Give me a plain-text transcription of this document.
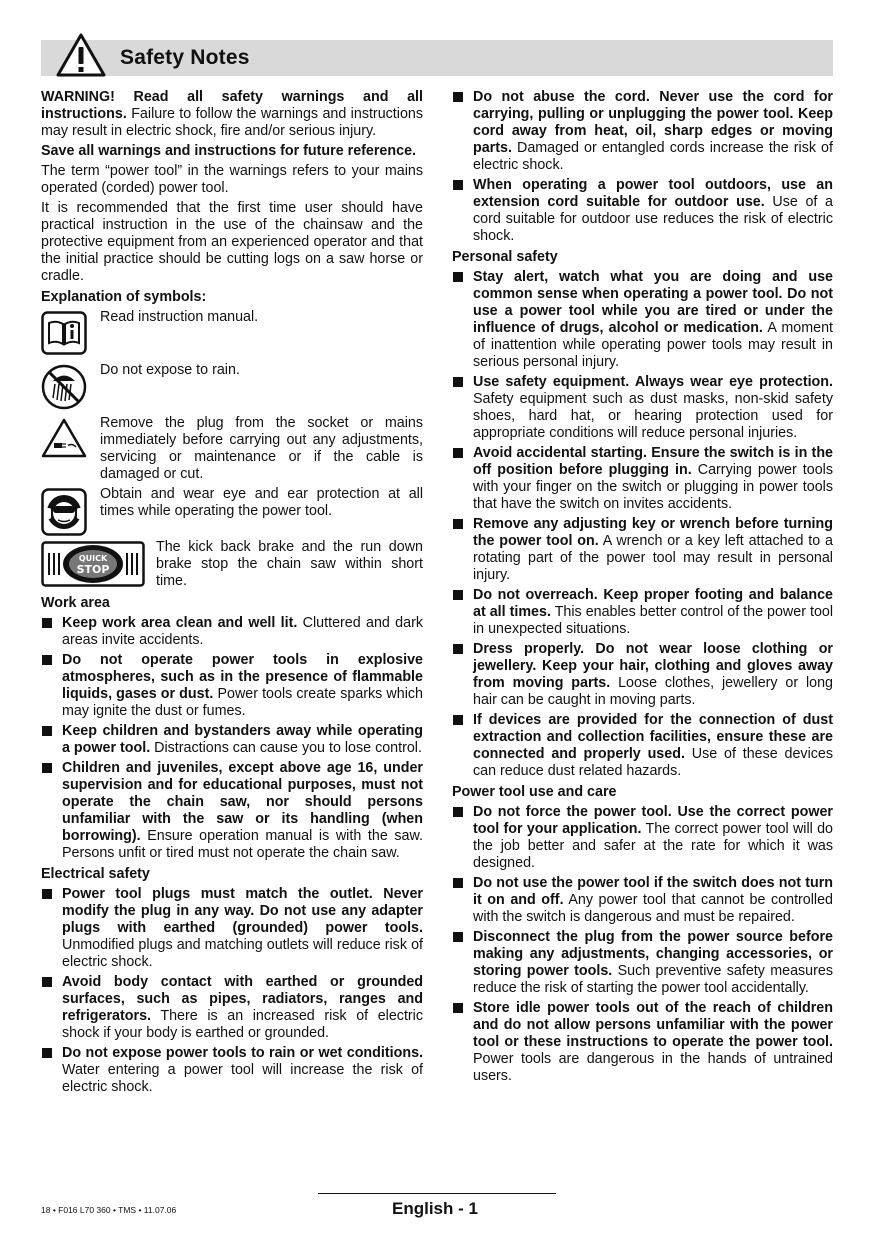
Safety Notes

WARNING! Read all safety warnings and all instructions. Failure to follow the warnings and instructions may result in electric shock, fire and/or serious injury.

Save all warnings and instructions for future reference.

The term “power tool” in the warnings refers to your mains operated (corded) power tool.

It is recommended that the first time user should have practical instruction in the use of the chainsaw and the protective equipment from an experienced operator and that the initial practice should be cutting logs on a saw horse or cradle.

Explanation of symbols:
Read instruction manual.
Do not expose to rain.
Remove the plug from the socket or mains immediately before carrying out any adjustments, servicing or maintenance or if the cable is damaged or cut.
Obtain and wear eye and ear protection at all times while operating the power tool.
QUICK
STOP
The kick back brake and the run down brake stop the chain saw within short time.
Work area
Keep work area clean and well lit. Cluttered and dark areas invite accidents.
Do not operate power tools in explosive atmospheres, such as in the presence of flammable liquids, gases or dust. Power tools create sparks which may ignite the dust or fumes.
Keep children and bystanders away while operating a power tool. Distractions can cause you to lose control.
Children and juveniles, except above age 16, under supervision and for educational purposes, must not operate the chain saw, nor should persons unfamiliar with the saw or its handling (when borrowing). Ensure operation manual is with the saw. Persons unfit or tired must not operate the chain saw.
Electrical safety
Power tool plugs must match the outlet. Never modify the plug in any way. Do not use any adapter plugs with earthed (grounded) power tools. Unmodified plugs and matching outlets will reduce risk of electric shock.
Avoid body contact with earthed or grounded surfaces, such as pipes, radiators, ranges and refrigerators. There is an increased risk of electric shock if your body is earthed or grounded.
Do not expose power tools to rain or wet conditions. Water entering a power tool will increase the risk of electric shock.
Do not abuse the cord. Never use the cord for carrying, pulling or unplugging the power tool. Keep cord away from heat, oil, sharp edges or moving parts. Damaged or entangled cords increase the risk of electric shock.
When operating a power tool outdoors, use an extension cord suitable for outdoor use. Use of a cord suitable for outdoor use reduces the risk of electric shock.
Personal safety
Stay alert, watch what you are doing and use common sense when operating a power tool. Do not use a power tool while you are tired or under the influence of drugs, alcohol or medication. A moment of inattention while operating power tools may result in serious personal injury.
Use safety equipment. Always wear eye protection. Safety equipment such as dust masks, non-skid safety shoes, hard hat, or hearing protection used for appropriate conditions will reduce personal injuries.
Avoid accidental starting. Ensure the switch is in the off position before plugging in. Carrying power tools with your finger on the switch or plugging in power tools that have the switch on invites accidents.
Remove any adjusting key or wrench before turning the power tool on. A wrench or a key left attached to a rotating part of the power tool may result in personal injury.
Do not overreach. Keep proper footing and balance at all times. This enables better control of the power tool in unexpected situations.
Dress properly. Do not wear loose clothing or jewellery. Keep your hair, clothing and gloves away from moving parts. Loose clothes, jewellery or long hair can be caught in moving parts.
If devices are provided for the connection of dust extraction and collection facilities, ensure these are connected and properly used. Use of these devices can reduce dust related hazards.
Power tool use and care
Do not force the power tool. Use the correct power tool for your application. The correct power tool will do the job better and safer at the rate for which it was designed.
Do not use the power tool if the switch does not turn it on and off. Any power tool that cannot be controlled with the switch is dangerous and must be repaired.
Disconnect the plug from the power source before making any adjustments, changing accessories, or storing power tools. Such preventive safety measures reduce the risk of starting the power tool accidentally.
Store idle power tools out of the reach of children and do not allow persons unfamiliar with the power tool or these instructions to operate the power tool. Power tools are dangerous in the hands of untrained users.
18 • F016 L70 360 • TMS • 11.07.06	English - 1
